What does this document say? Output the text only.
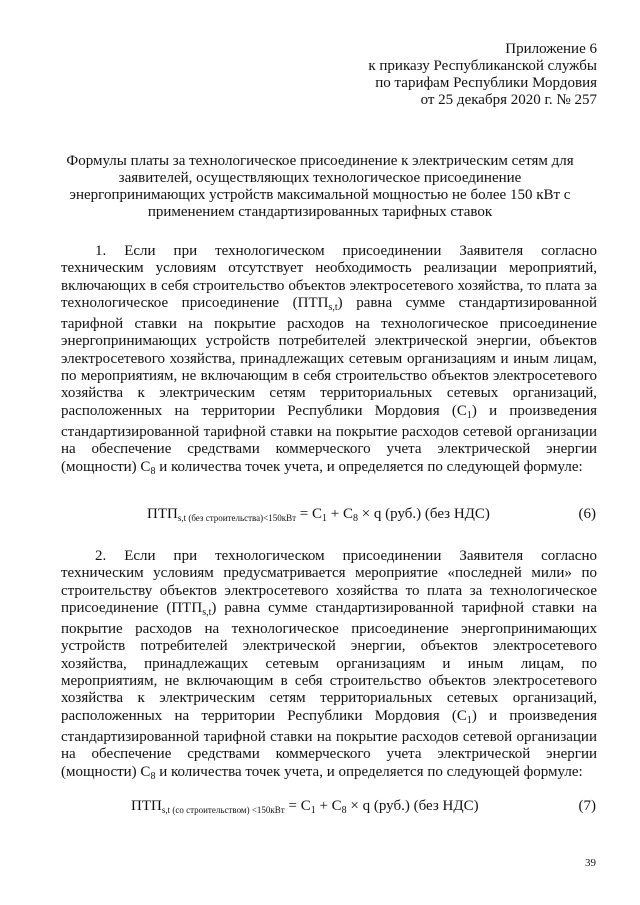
Приложение 6
к приказу Республиканской службы
по тарифам Республики Мордовия
от 25 декабря 2020 г. № 257
Формулы платы за технологическое присоединение к электрическим сетям для
заявителей, осуществляющих технологическое присоединение
энергопринимающих устройств максимальной мощностью не более 150 кВт с
применением стандартизированных тарифных ставок

1. Если при технологическом присоединении Заявителя согласно техническим условиям отсутствует необходимость реализации мероприятий, включающих в себя строительство объектов электросетевого хозяйства, то плата за технологическое присоединение $(ПТП_{s,t})$ равна сумме стандартизированной тарифной ставки на покрытие расходов на технологическое присоединение энергопринимающих устройств потребителей электрической энергии, объектов электросетевого хозяйства, принадлежащих сетевым организациям и иным лицам, по мероприятиям, не включающим в себя строительство объектов электросетевого хозяйства к электрическим сетям территориальных сетевых организаций, расположенных на территории Республики Мордовия $(С_1)$ и произведения стандартизированной тарифной ставки на покрытие расходов сетевой организации на обеспечение средствами коммерческого учета электрической энергии (мощности) $С_8$ и количества точек учета, и определяется по следующей формуле:

$ПТП_{s,t (без строительства)<150кВт} = С_1 + С_8 \times q$ (руб.) (без НДС)	(6)

2. Если при технологическом присоединении Заявителя согласно техническим условиям предусматривается мероприятие «последней мили» по строительству объектов электросетевого хозяйства то плата за технологическое присоединение $(ПТП_{s,t})$ равна сумме стандартизированной тарифной ставки на покрытие расходов на технологическое присоединение энергопринимающих устройств потребителей электрической энергии, объектов электросетевого хозяйства, принадлежащих сетевым организациям и иным лицам, по мероприятиям, не включающим в себя строительство объектов электросетевого хозяйства к электрическим сетям территориальных сетевых организаций, расположенных на территории Республики Мордовия $(С_1)$ и произведения стандартизированной тарифной ставки на покрытие расходов сетевой организации на обеспечение средствами коммерческого учета электрической энергии (мощности) $С_8$ и количества точек учета, и определяется по следующей формуле:

$ПТП_{s,t (со строительством) <150кВт} = С_1 + С_8 \times q$ (руб.) (без НДС)	(7)
39
